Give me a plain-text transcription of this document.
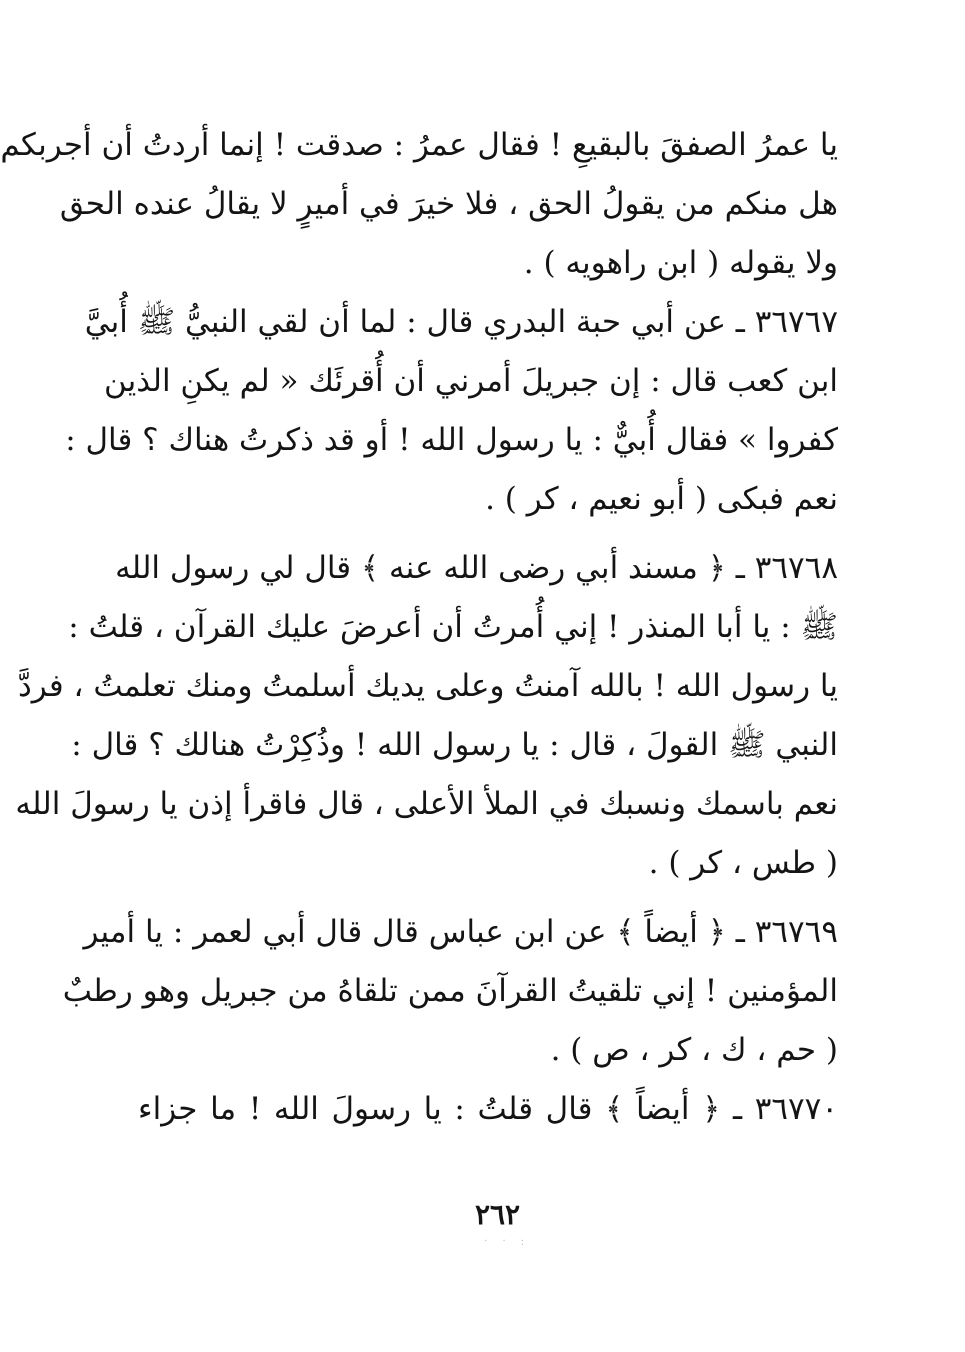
يا عمرُ الصفقَ بالبقيعِ ! فقال عمرُ : صدقت ! إنما أردتُ أن أجربكم
هل منكم من يقولُ الحق ، فلا خيرَ في أميرٍ لا يقالُ عنده الحق
ولا يقوله ( ابن راهويه ) .
٣٦٧٦٧ ـ عن أبي حبة البدري قال : لما أن لقي النبيُّ ﷺ أُبيَّ
ابن كعب قال : إن جبريلَ أمرني أن أُقرئَك « لم يكنِ الذين
كفروا » فقال أُبيٌّ : يا رسول الله ! أو قد ذكرتُ هناك ؟ قال :
نعم فبكى ( أبو نعيم ، كر ) .
٣٦٧٦٨ ـ ﴿ مسند أبي رضى الله عنه ﴾ قال لي رسول الله
ﷺ : يا أبا المنذر ! إني أُمرتُ أن أعرضَ عليك القرآن ، قلتُ :
يا رسول الله ! بالله آمنتُ وعلى يديك أسلمتُ ومنك تعلمتُ ، فردَّ
النبي ﷺ القولَ ، قال : يا رسول الله ! وذُكِرْتُ هنالك ؟ قال :
نعم باسمك ونسبك في الملأ الأعلى ، قال فاقرأ إذن يا رسولَ الله
( طس ، كر ) .
٣٦٧٦٩ ـ ﴿ أيضاً ﴾ عن ابن عباس قال قال أبي لعمر : يا أمير
المؤمنين ! إني تلقيتُ القرآنَ ممن تلقاهُ من جبريل وهو رطبٌ
( حم ، ك ، كر ، ص ) .
٣٦٧٧٠ ـ ﴿ أيضاً ﴾ قال قلتُ : يا رسولَ الله ! ما جزاء
٢٦٢
· · · ·
